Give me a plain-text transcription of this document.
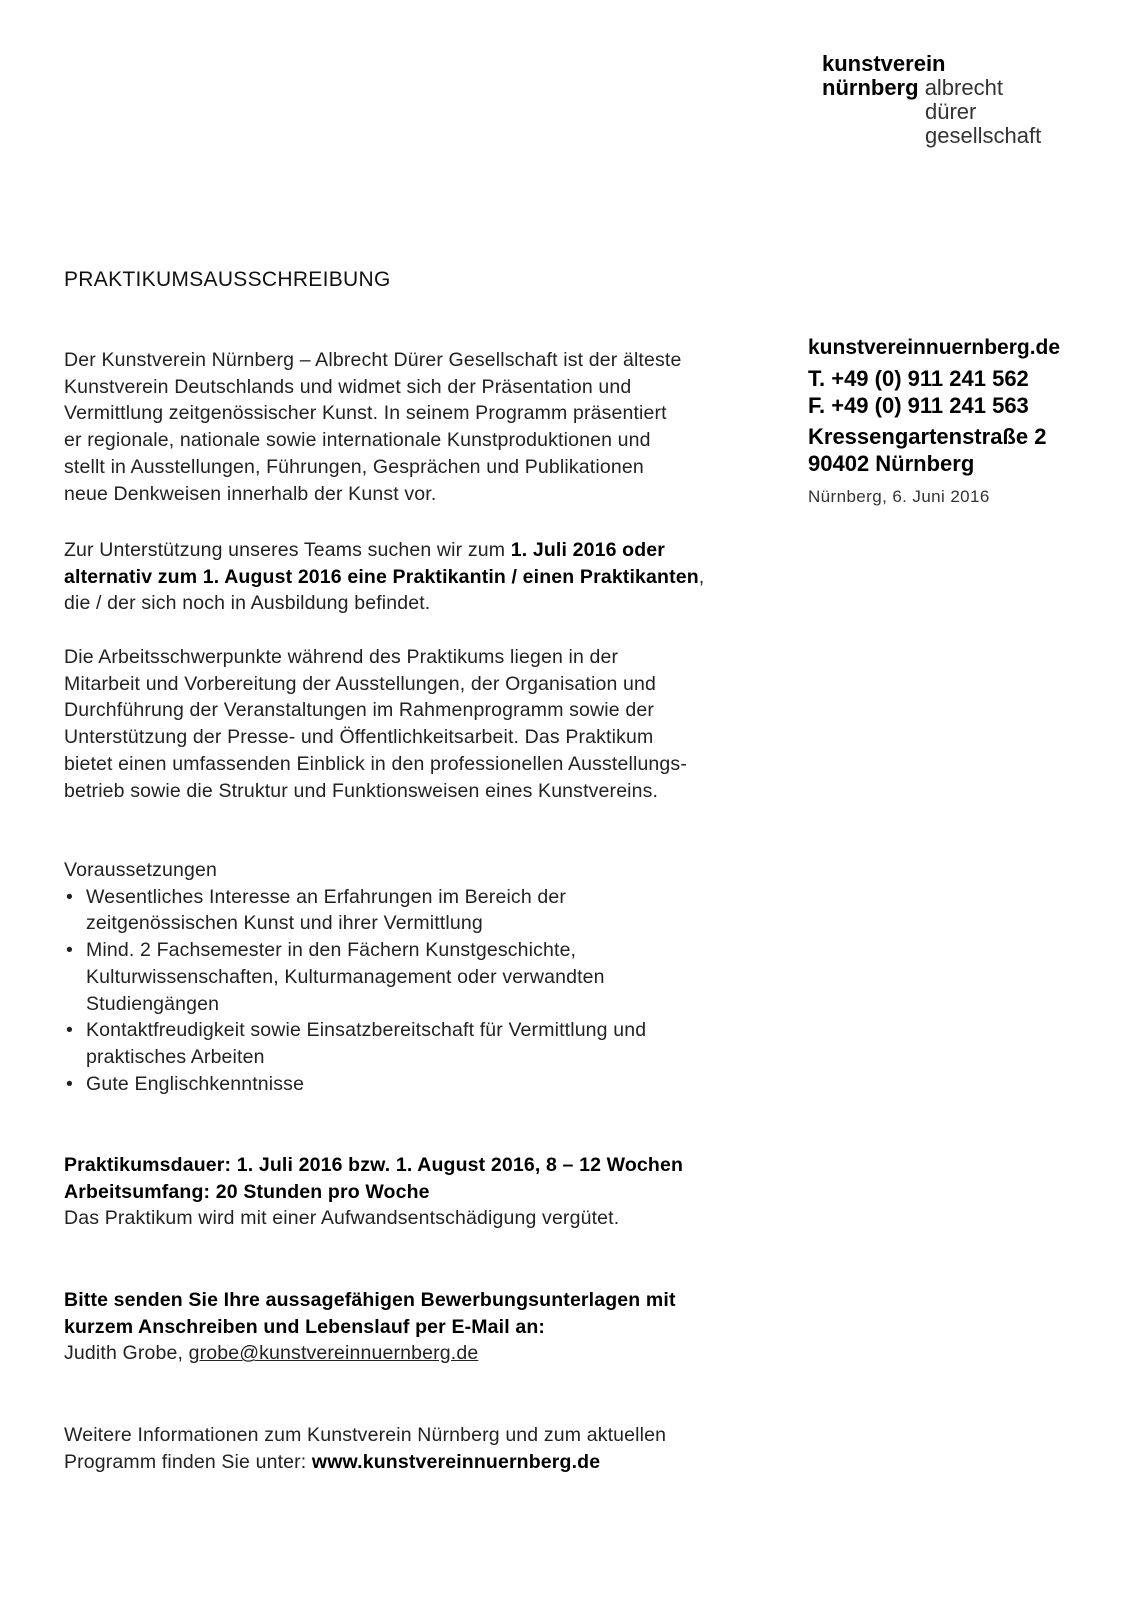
kunstverein
nürnberg albrecht
dürer
gesellschaft
PRAKTIKUMSAUSSCHREIBUNG
kunstvereinnuernberg.de
T. +49 (0) 911 241 562
F. +49 (0) 911 241 563
Kressengartenstraße 2
90402 Nürnberg
Nürnberg, 6. Juni 2016

Der Kunstverein Nürnberg – Albrecht Dürer Gesellschaft ist der älteste

Kunstverein Deutschlands und widmet sich der Präsentation und

Vermittlung zeitgenössischer Kunst. In seinem Programm präsentiert

er regionale, nationale sowie internationale Kunstproduktionen und

stellt in Ausstellungen, Führungen, Gesprächen und Publikationen

neue Denkweisen innerhalb der Kunst vor.

Zur Unterstützung unseres Teams suchen wir zum 1. Juli 2016 oder

alternativ zum 1. August 2016 eine Praktikantin / einen Praktikanten,

die / der sich noch in Ausbildung befindet.

Die Arbeitsschwerpunkte während des Praktikums liegen in der

Mitarbeit und Vorbereitung der Ausstellungen, der Organisation und

Durchführung der Veranstaltungen im Rahmenprogramm sowie der

Unterstützung der Presse- und Öffentlichkeitsarbeit. Das Praktikum

bietet einen umfassenden Einblick in den professionellen Ausstellungs-

betrieb sowie die Struktur und Funktionsweisen eines Kunstvereins.

Voraussetzungen

• Wesentliches Interesse an Erfahrungen im Bereich der
zeitgenössischen Kunst und ihrer Vermittlung
• Mind. 2 Fachsemester in den Fächern Kunstgeschichte,
Kulturwissenschaften, Kulturmanagement oder verwandten
Studiengängen
• Kontaktfreudigkeit sowie Einsatzbereitschaft für Vermittlung und
praktisches Arbeiten
• Gute Englischkenntnisse

Praktikumsdauer: 1. Juli 2016 bzw. 1. August 2016, 8 – 12 Wochen

Arbeitsumfang: 20 Stunden pro Woche

Das Praktikum wird mit einer Aufwandsentschädigung vergütet.

Bitte senden Sie Ihre aussagefähigen Bewerbungsunterlagen mit

kurzem Anschreiben und Lebenslauf per E-Mail an:

Judith Grobe, grobe@kunstvereinnuernberg.de

Weitere Informationen zum Kunstverein Nürnberg und zum aktuellen

Programm finden Sie unter: www.kunstvereinnuernberg.de
